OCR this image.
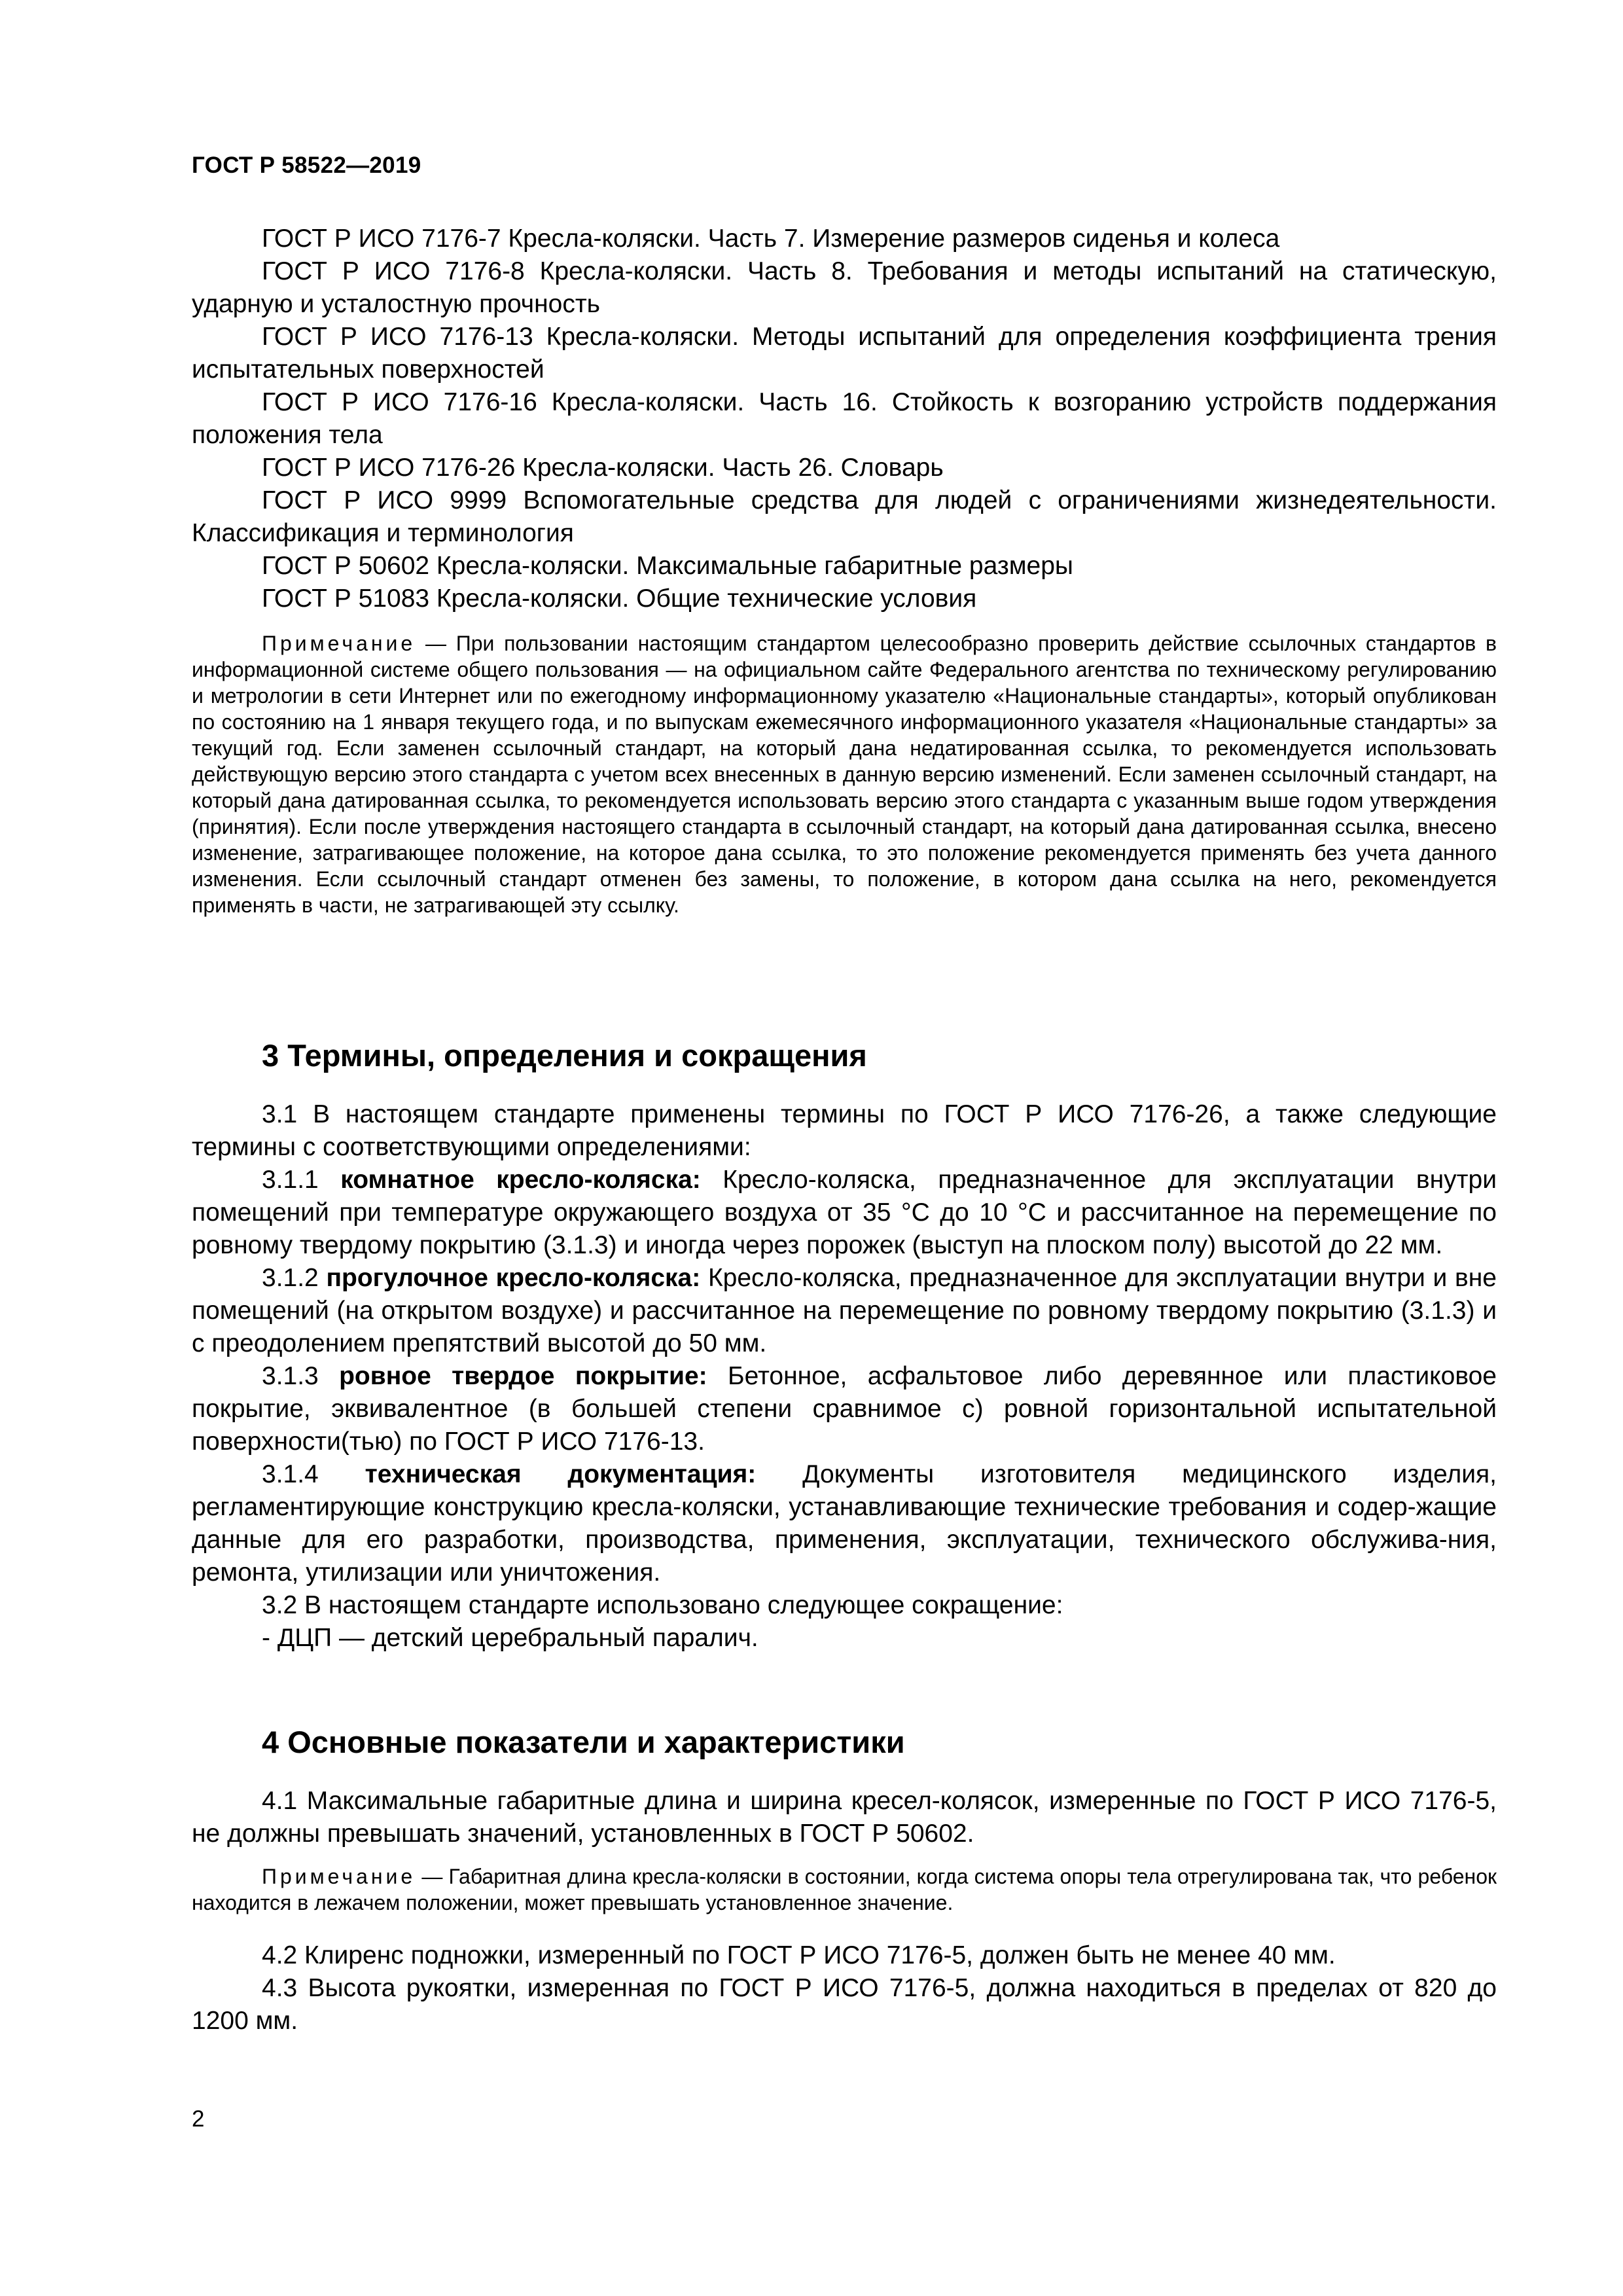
ГОСТ Р 58522—2019

ГОСТ Р ИСО 7176-7 Кресла-коляски. Часть 7. Измерение размеров сиденья и колеса

ГОСТ Р ИСО 7176-8 Кресла-коляски. Часть 8. Требования и методы испытаний на статическую, ударную и усталостную прочность

ГОСТ Р ИСО 7176-13 Кресла-коляски. Методы испытаний для определения коэффициента трения испытательных поверхностей

ГОСТ Р ИСО 7176-16 Кресла-коляски. Часть 16. Стойкость к возгоранию устройств поддержания положения тела

ГОСТ Р ИСО 7176-26 Кресла-коляски. Часть 26. Словарь

ГОСТ Р ИСО 9999 Вспомогательные средства для людей с ограничениями жизнедеятельности. Классификация и терминология

ГОСТ Р 50602 Кресла-коляски. Максимальные габаритные размеры

ГОСТ Р 51083 Кресла-коляски. Общие технические условия

Примечание — При пользовании настоящим стандартом целесообразно проверить действие ссылочных стандартов в информационной системе общего пользования — на официальном сайте Федерального агентства по техническому регулированию и метрологии в сети Интернет или по ежегодному информационному указателю «Национальные стандарты», который опубликован по состоянию на 1 января текущего года, и по выпускам ежемесячного информационного указателя «Национальные стандарты» за текущий год. Если заменен ссылочный стандарт, на который дана недатированная ссылка, то рекомендуется использовать действующую версию этого стандарта с учетом всех внесенных в данную версию изменений. Если заменен ссылочный стандарт, на который дана датированная ссылка, то рекомендуется использовать версию этого стандарта с указанным выше годом утверждения (принятия). Если после утверждения настоящего стандарта в ссылочный стандарт, на который дана датированная ссылка, внесено изменение, затрагивающее положение, на которое дана ссылка, то это положение рекомендуется применять без учета данного изменения. Если ссылочный стандарт отменен без замены, то положение, в котором дана ссылка на него, рекомендуется применять в части, не затрагивающей эту ссылку.

3 Термины, определения и сокращения

3.1 В настоящем стандарте применены термины по ГОСТ Р ИСО 7176-26, а также следующие термины с соответствующими определениями:

3.1.1 комнатное кресло-коляска: Кресло-коляска, предназначенное для эксплуатации внутри помещений при температуре окружающего воздуха от 35 °С до 10 °С и рассчитанное на перемещение по ровному твердому покрытию (3.1.3) и иногда через порожек (выступ на плоском полу) высотой до 22 мм.

3.1.2 прогулочное кресло-коляска: Кресло-коляска, предназначенное для эксплуатации внутри и вне помещений (на открытом воздухе) и рассчитанное на перемещение по ровному твердому покрытию (3.1.3) и с преодолением препятствий высотой до 50 мм.

3.1.3 ровное твердое покрытие: Бетонное, асфальтовое либо деревянное или пластиковое покрытие, эквивалентное (в большей степени сравнимое с) ровной горизонтальной испытательной поверхности(тью) по ГОСТ Р ИСО 7176-13.

3.1.4 техническая документация: Документы изготовителя медицинского изделия, регламентирующие конструкцию кресла-коляски, устанавливающие технические требования и содер-жащие данные для его разработки, производства, применения, эксплуатации, технического обслужива-ния, ремонта, утилизации или уничтожения.

3.2 В настоящем стандарте использовано следующее сокращение:

- ДЦП — детский церебральный паралич.

4 Основные показатели и характеристики

4.1 Максимальные габаритные длина и ширина кресел-колясок, измеренные по ГОСТ Р ИСО 7176-5, не должны превышать значений, установленных в ГОСТ Р 50602.

Примечание — Габаритная длина кресла-коляски в состоянии, когда система опоры тела отрегулирована так, что ребенок находится в лежачем положении, может превышать установленное значение.

4.2 Клиренс подножки, измеренный по ГОСТ Р ИСО 7176-5, должен быть не менее 40 мм.

4.3 Высота рукоятки, измеренная по ГОСТ Р ИСО 7176-5, должна находиться в пределах от 820 до 1200 мм.

2
